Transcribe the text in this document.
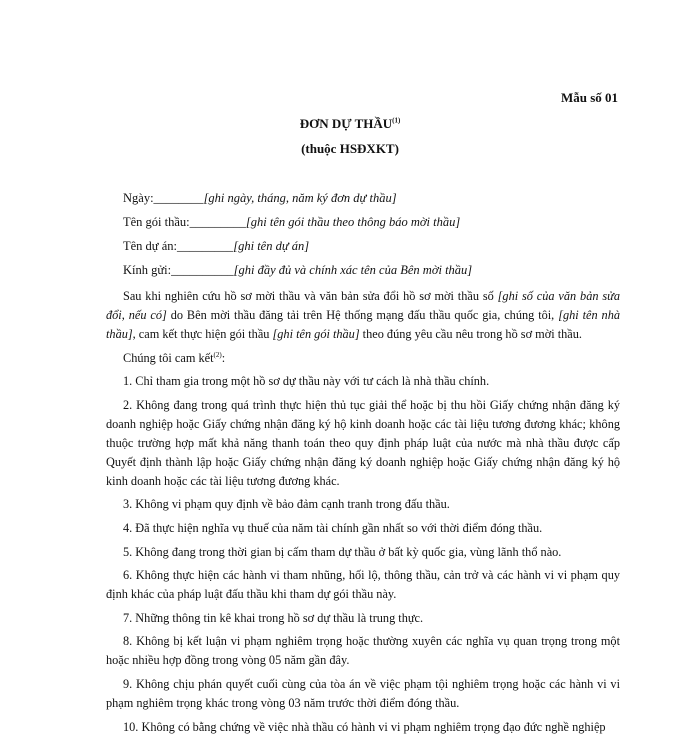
Mẫu số 01
ĐƠN DỰ THẦU$^{(1)}$
(thuộc HSĐXKT)
Ngày:________[ghi ngày, tháng, năm ký đơn dự thầu]
Tên gói thầu:_________[ghi tên gói thầu theo thông báo mời thầu]
Tên dự án:_________[ghi tên dự án]
Kính gửi:__________[ghi đầy đủ và chính xác tên của Bên mời thầu]

Sau khi nghiên cứu hồ sơ mời thầu và văn bản sửa đổi hồ sơ mời thầu số [ghi số của văn bản sửa đổi, nếu có] do Bên mời thầu đăng tải trên Hệ thống mạng đấu thầu quốc gia, chúng tôi, [ghi tên nhà thầu], cam kết thực hiện gói thầu [ghi tên gói thầu] theo đúng yêu cầu nêu trong hồ sơ mời thầu.

Chúng tôi cam kết$^{(2)}$:

1. Chỉ tham gia trong một hồ sơ dự thầu này với tư cách là nhà thầu chính.

2. Không đang trong quá trình thực hiện thủ tục giải thể hoặc bị thu hồi Giấy chứng nhận đăng ký doanh nghiệp hoặc Giấy chứng nhận đăng ký hộ kinh doanh hoặc các tài liệu tương đương khác; không thuộc trường hợp mất khả năng thanh toán theo quy định pháp luật của nước mà nhà thầu được cấp Quyết định thành lập hoặc Giấy chứng nhận đăng ký doanh nghiệp hoặc Giấy chứng nhận đăng ký hộ kinh doanh hoặc các tài liệu tương đương khác.

3. Không vi phạm quy định về bảo đảm cạnh tranh trong đấu thầu.

4. Đã thực hiện nghĩa vụ thuế của năm tài chính gần nhất so với thời điểm đóng thầu.

5. Không đang trong thời gian bị cấm tham dự thầu ở bất kỳ quốc gia, vùng lãnh thổ nào.

6. Không thực hiện các hành vi tham nhũng, hối lộ, thông thầu, cản trở và các hành vi vi phạm quy định khác của pháp luật đấu thầu khi tham dự gói thầu này.

7. Những thông tin kê khai trong hồ sơ dự thầu là trung thực.

8. Không bị kết luận vi phạm nghiêm trọng hoặc thường xuyên các nghĩa vụ quan trọng trong một hoặc nhiều hợp đồng trong vòng 05 năm gần đây.

9. Không chịu phán quyết cuối cùng của tòa án về việc phạm tội nghiêm trọng hoặc các hành vi vi phạm nghiêm trọng khác trong vòng 03 năm trước thời điểm đóng thầu.

10. Không có bằng chứng về việc nhà thầu có hành vi vi phạm nghiêm trọng đạo đức nghề nghiệp
